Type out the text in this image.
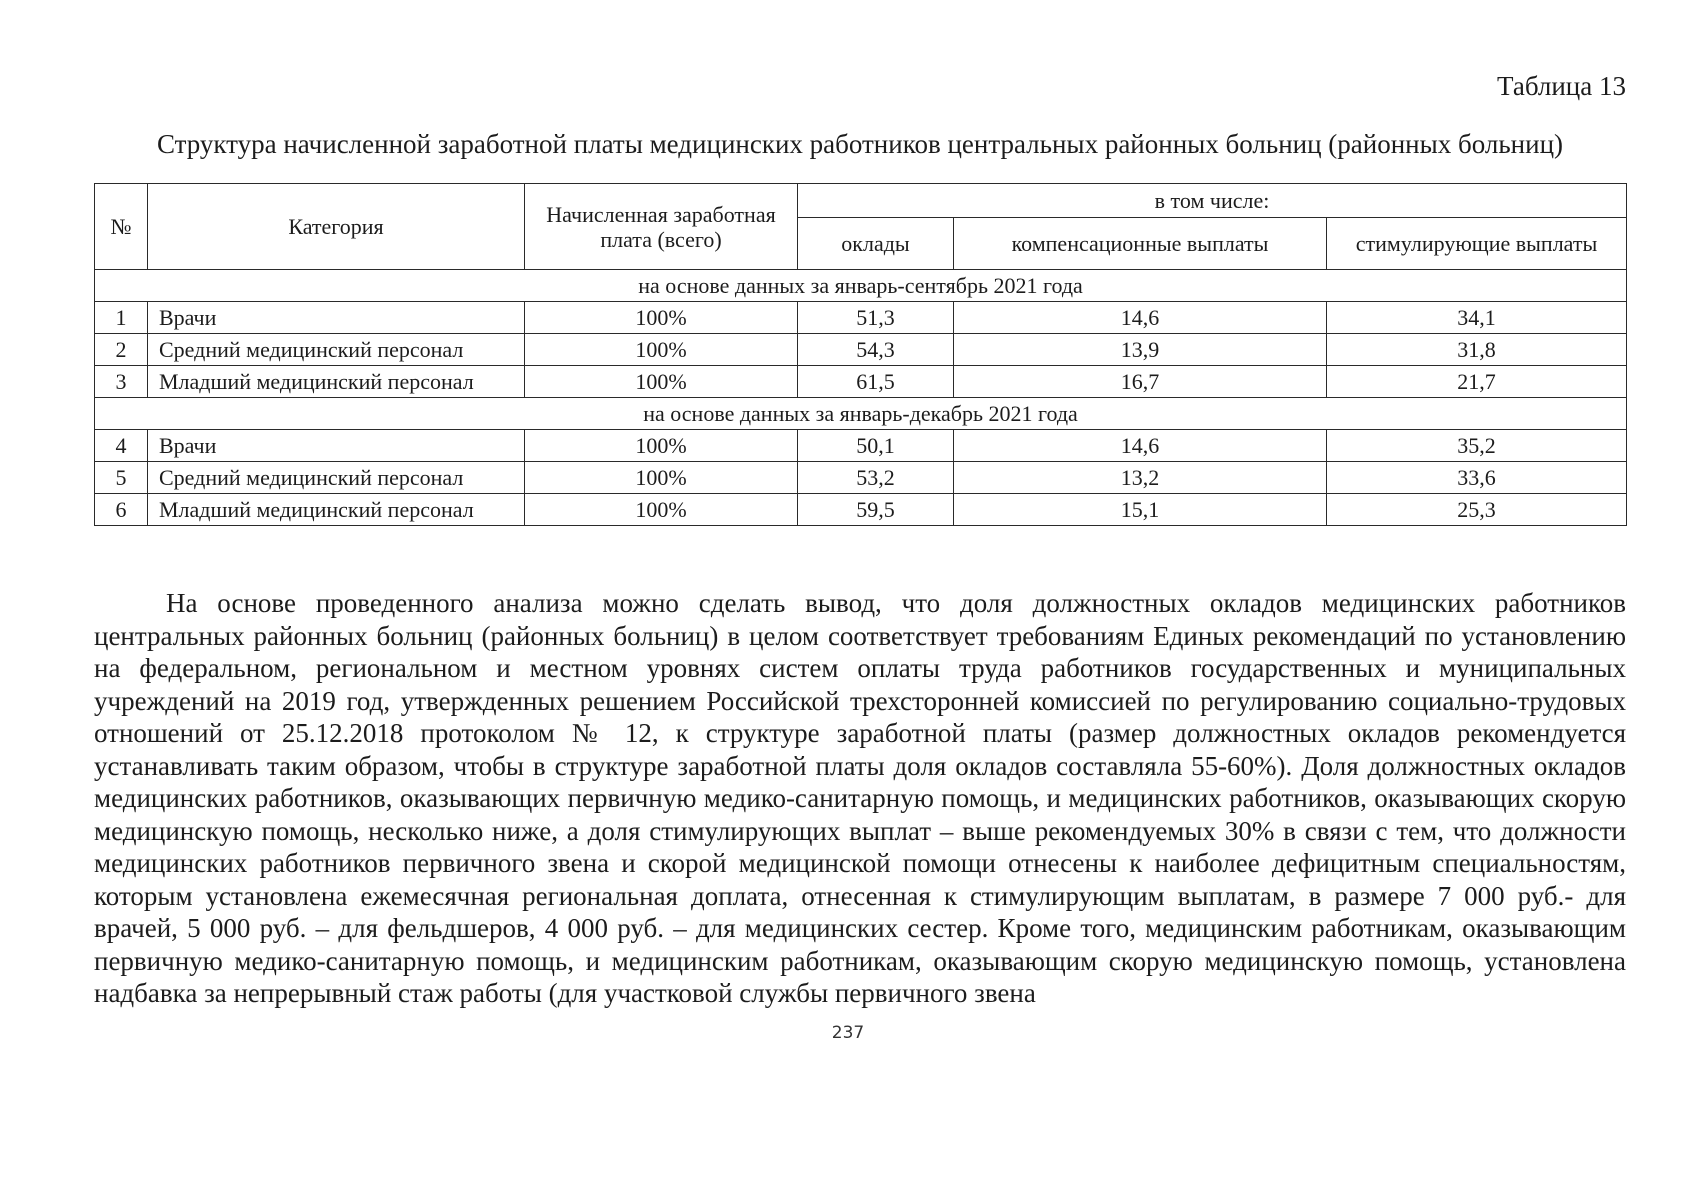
Таблица 13
Структура начисленной заработной платы медицинских работников центральных районных больниц (районных больниц)
№	Категория	Начисленная заработная плата (всего)	в том числе:		
			оклады	компенсационные выплаты	стимулирующие выплаты
на основе данных за январь-сентябрь 2021 года					
1	Врачи	100%	51,3	14,6	34,1
2	Средний медицинский персонал	100%	54,3	13,9	31,8
3	Младший медицинский персонал	100%	61,5	16,7	21,7
на основе данных за январь-декабрь 2021 года					
4	Врачи	100%	50,1	14,6	35,2
5	Средний медицинский персонал	100%	53,2	13,2	33,6
6	Младший медицинский персонал	100%	59,5	15,1	25,3

На основе проведенного анализа можно сделать вывод, что доля должностных окладов медицинских работников центральных районных больниц (районных больниц) в целом соответствует требованиям Единых рекомендаций по установлению на федеральном, региональном и местном уровнях систем оплаты труда работников государственных и муниципальных учреждений на 2019 год, утвержденных решением Российской трехсторонней комиссией по регулированию социально-трудовых отношений от 25.12.2018 протоколом № 12, к структуре заработной платы (размер должностных окладов рекомендуется устанавливать таким образом, чтобы в структуре заработной платы доля окладов составляла 55-60%). Доля должностных окладов медицинских работников, оказывающих первичную медико-санитарную помощь, и медицинских работников, оказывающих скорую медицинскую помощь, несколько ниже, а доля стимулирующих выплат – выше рекомендуемых 30% в связи с тем, что должности медицинских работников первичного звена и скорой медицинской помощи отнесены к наиболее дефицитным специальностям, которым установлена ежемесячная региональная доплата, отнесенная к стимулирующим выплатам, в размере 7 000 руб.- для врачей, 5 000 руб. – для фельдшеров, 4 000 руб. – для медицинских сестер. Кроме того, медицинским работникам, оказывающим первичную медико-санитарную помощь, и медицинским работникам, оказывающим скорую медицинскую помощь, установлена надбавка за непрерывный стаж работы (для участковой службы первичного звена

237
